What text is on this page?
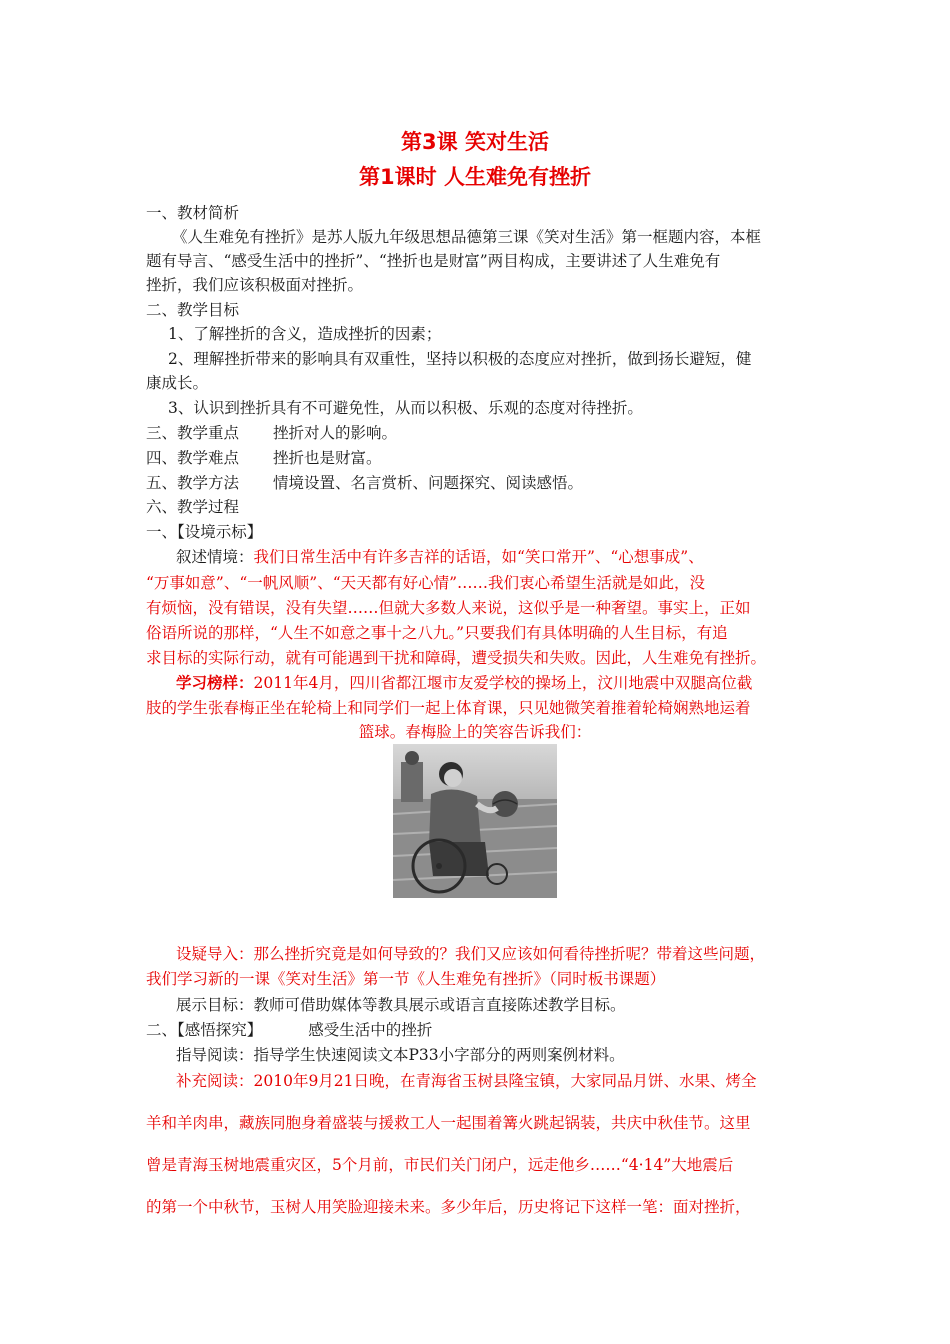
第3课 笑对生活
第1课时 人生难免有挫折
一、教材简析
《人生难免有挫折》是苏人版九年级思想品德第三课《笑对生活》第一框题内容，本框
题有导言、“感受生活中的挫折”、“挫折也是财富”两目构成，主要讲述了人生难免有
挫折，我们应该积极面对挫折。
二、教学目标
1、了解挫折的含义，造成挫折的因素；
2、理解挫折带来的影响具有双重性，坚持以积极的态度应对挫折，做到扬长避短，健
康成长。
3、认识到挫折具有不可避免性，从而以积极、乐观的态度对待挫折。
三、教学重点 挫折对人的影响。
四、教学难点 挫折也是财富。
五、教学方法 情境设置、名言赏析、问题探究、阅读感悟。
六、教学过程
一、【设境示标】
叙述情境：我们日常生活中有许多吉祥的话语，如“笑口常开”、“心想事成”、
“万事如意”、“一帆风顺”、“天天都有好心情”……我们衷心希望生活就是如此，没
有烦恼，没有错误，没有失望……但就大多数人来说，这似乎是一种奢望。事实上，正如
俗语所说的那样，“人生不如意之事十之八九。”只要我们有具体明确的人生目标，有追
求目标的实际行动，就有可能遇到干扰和障碍，遭受损失和失败。因此，人生难免有挫折。
学习榜样：2011年4月，四川省都江堰市友爱学校的操场上，汶川地震中双腿高位截
肢的学生张春梅正坐在轮椅上和同学们一起上体育课，只见她微笑着推着轮椅娴熟地运着
篮球。春梅脸上的笑容告诉我们：
设疑导入：那么挫折究竟是如何导致的？我们又应该如何看待挫折呢？带着这些问题，
我们学习新的一课《笑对生活》第一节《人生难免有挫折》（同时板书课题）
展示目标：教师可借助媒体等教具展示或语言直接陈述教学目标。
二、【感悟探究】	感受生活中的挫折
指导阅读：指导学生快速阅读文本P33小字部分的两则案例材料。
补充阅读：2010年9月21日晚，在青海省玉树县隆宝镇，大家同品月饼、水果、烤全
羊和羊肉串，藏族同胞身着盛装与援救工人一起围着篝火跳起锅装，共庆中秋佳节。这里
曾是青海玉树地震重灾区，5个月前，市民们关门闭户，远走他乡……“4·14”大地震后
的第一个中秋节，玉树人用笑脸迎接未来。多少年后，历史将记下这样一笔：面对挫折，
